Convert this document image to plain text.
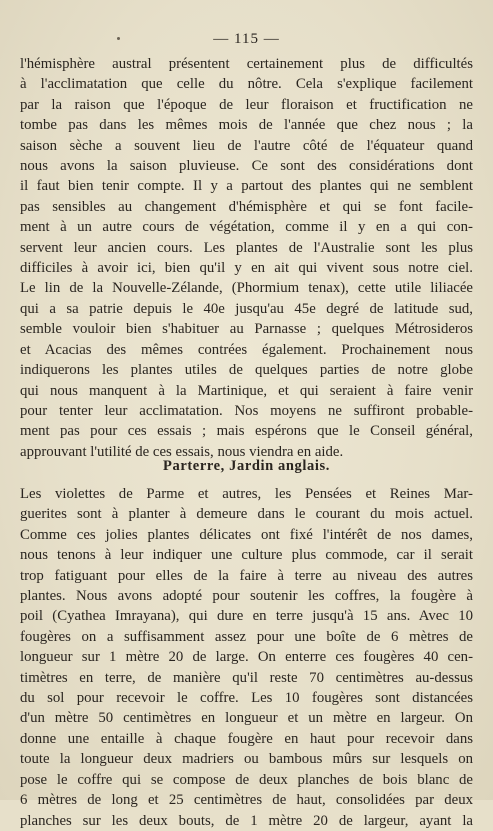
— 115 —
l'hémisphère austral présentent certainement plus de difficultés
à l'acclimatation que celle du nôtre. Cela s'explique facilement
par la raison que l'époque de leur floraison et fructification ne
tombe pas dans les mêmes mois de l'année que chez nous ; la
saison sèche a souvent lieu de l'autre côté de l'équateur quand
nous avons la saison pluvieuse. Ce sont des considérations dont
il faut bien tenir compte. Il y a partout des plantes qui ne semblent
pas sensibles au changement d'hémisphère et qui se font facile-
ment à un autre cours de végétation, comme il y en a qui con-
servent leur ancien cours. Les plantes de l'Australie sont les plus
difficiles à avoir ici, bien qu'il y en ait qui vivent sous notre ciel.
Le lin de la Nouvelle-Zélande, (Phormium tenax), cette utile liliacée
qui a sa patrie depuis le 40e jusqu'au 45e degré de latitude sud,
semble vouloir bien s'habituer au Parnasse ; quelques Métrosideros
et Acacias des mêmes contrées également. Prochainement nous
indiquerons les plantes utiles de quelques parties de notre globe
qui nous manquent à la Martinique, et qui seraient à faire venir
pour tenter leur acclimatation. Nos moyens ne suffiront probable-
ment pas pour ces essais ; mais espérons que le Conseil général,
approuvant l'utilité de ces essais, nous viendra en aide.
Parterre, Jardin anglais.
Les violettes de Parme et autres, les Pensées et Reines Mar-
guerites sont à planter à demeure dans le courant du mois actuel.
Comme ces jolies plantes délicates ont fixé l'intérêt de nos dames,
nous tenons à leur indiquer une culture plus commode, car il serait
trop fatiguant pour elles de la faire à terre au niveau des autres
plantes. Nous avons adopté pour soutenir les coffres, la fougère à
poil (Cyathea Imrayana), qui dure en terre jusqu'à 15 ans. Avec 10
fougères on a suffisamment assez pour une boîte de 6 mètres de
longueur sur 1 mètre 20 de large. On enterre ces fougères 40 cen-
timètres en terre, de manière qu'il reste 70 centimètres au-dessus
du sol pour recevoir le coffre. Les 10 fougères sont distancées
d'un mètre 50 centimètres en longueur et un mètre en largeur. On
donne une entaille à chaque fougère en haut pour recevoir dans
toute la longueur deux madriers ou bambous mûrs sur lesquels on
pose le coffre qui se compose de deux planches de bois blanc de
6 mètres de long et 25 centimètres de haut, consolidées par deux
planches sur les deux bouts, de 1 mètre 20 de largeur, ayant la
